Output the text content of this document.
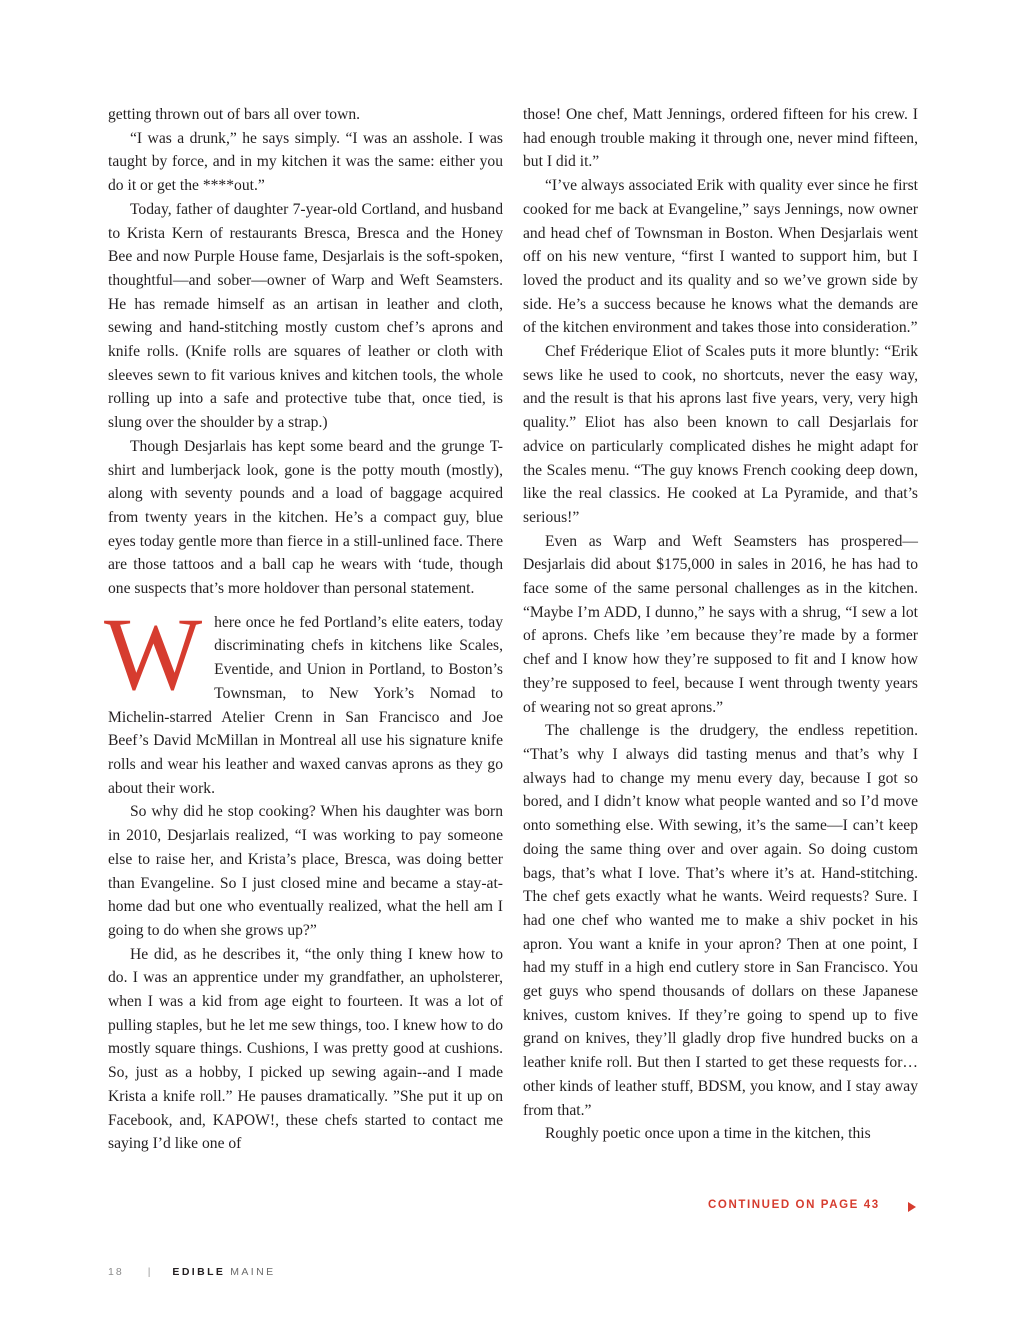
getting thrown out of bars all over town.

“I was a drunk,” he says simply. “I was an asshole. I was taught by force, and in my kitchen it was the same: either you do it or get the ****out.”

Today, father of daughter 7-year-old Cortland, and husband to Krista Kern of restaurants Bresca, Bresca and the Honey Bee and now Purple House fame, Desjarlais is the soft-spoken, thoughtful—and sober—owner of Warp and Weft Seamsters. He has remade himself as an artisan in leather and cloth, sewing and hand-stitching mostly custom chef’s aprons and knife rolls. (Knife rolls are squares of leather or cloth with sleeves sewn to fit various knives and kitchen tools, the whole rolling up into a safe and protective tube that, once tied, is slung over the shoulder by a strap.)

Though Desjarlais has kept some beard and the grunge T-shirt and lumberjack look, gone is the potty mouth (mostly), along with seventy pounds and a load of baggage acquired from twenty years in the kitchen. He’s a compact guy, blue eyes today gentle more than fierce in a still-unlined face. There are those tattoos and a ball cap he wears with ‘tude, though one suspects that’s more holdover than personal statement.

Where once he fed Portland’s elite eaters, today discriminating chefs in kitchens like Scales, Eventide, and Union in Portland, to Boston’s Townsman, to New York’s Nomad to Michelin-starred Atelier Crenn in San Francisco and Joe Beef’s David McMillan in Montreal all use his signature knife rolls and wear his leather and waxed canvas aprons as they go about their work.

So why did he stop cooking? When his daughter was born in 2010, Desjarlais realized, “I was working to pay someone else to raise her, and Krista’s place, Bresca, was doing better than Evangeline. So I just closed mine and became a stay-at-home dad but one who eventually realized, what the hell am I going to do when she grows up?”

He did, as he describes it, “the only thing I knew how to do. I was an apprentice under my grandfather, an upholsterer, when I was a kid from age eight to fourteen. It was a lot of pulling staples, but he let me sew things, too. I knew how to do mostly square things. Cushions, I was pretty good at cushions. So, just as a hobby, I picked up sewing again--and I made Krista a knife roll.” He pauses dramatically. ”She put it up on Facebook, and, KAPOW!, these chefs started to contact me saying I’d like one of

those! One chef, Matt Jennings, ordered fifteen for his crew. I had enough trouble making it through one, never mind fifteen, but I did it.”

“I’ve always associated Erik with quality ever since he first cooked for me back at Evangeline,” says Jennings, now owner and head chef of Townsman in Boston. When Desjarlais went off on his new venture, “first I wanted to support him, but I loved the product and its quality and so we’ve grown side by side. He’s a success because he knows what the demands are of the kitchen environment and takes those into consideration.”

Chef Fréderique Eliot of Scales puts it more bluntly: “Erik sews like he used to cook, no shortcuts, never the easy way, and the result is that his aprons last five years, very, very high quality.” Eliot has also been known to call Desjarlais for advice on particularly complicated dishes he might adapt for the Scales menu. “The guy knows French cooking deep down, like the real classics. He cooked at La Pyramide, and that’s serious!”

Even as Warp and Weft Seamsters has prospered—Desjarlais did about $175,000 in sales in 2016, he has had to face some of the same personal challenges as in the kitchen. “Maybe I’m ADD, I dunno,” he says with a shrug, “I sew a lot of aprons. Chefs like ’em because they’re made by a former chef and I know how they’re supposed to fit and I know how they’re supposed to feel, because I went through twenty years of wearing not so great aprons.”

The challenge is the drudgery, the endless repetition. “That’s why I always did tasting menus and that’s why I always had to change my menu every day, because I got so bored, and I didn’t know what people wanted and so I’d move onto something else. With sewing, it’s the same—I can’t keep doing the same thing over and over again. So doing custom bags, that’s what I love. That’s where it’s at. Hand-stitching. The chef gets exactly what he wants. Weird requests? Sure. I had one chef who wanted me to make a shiv pocket in his apron. You want a knife in your apron? Then at one point, I had my stuff in a high end cutlery store in San Francisco. You get guys who spend thousands of dollars on these Japanese knives, custom knives. If they’re going to spend up to five grand on knives, they’ll gladly drop five hundred bucks on a leather knife roll. But then I started to get these requests for…other kinds of leather stuff, BDSM, you know, and I stay away from that.”

Roughly poetic once upon a time in the kitchen, this

CONTINUED ON PAGE 43
18 | EDIBLE MAINE
